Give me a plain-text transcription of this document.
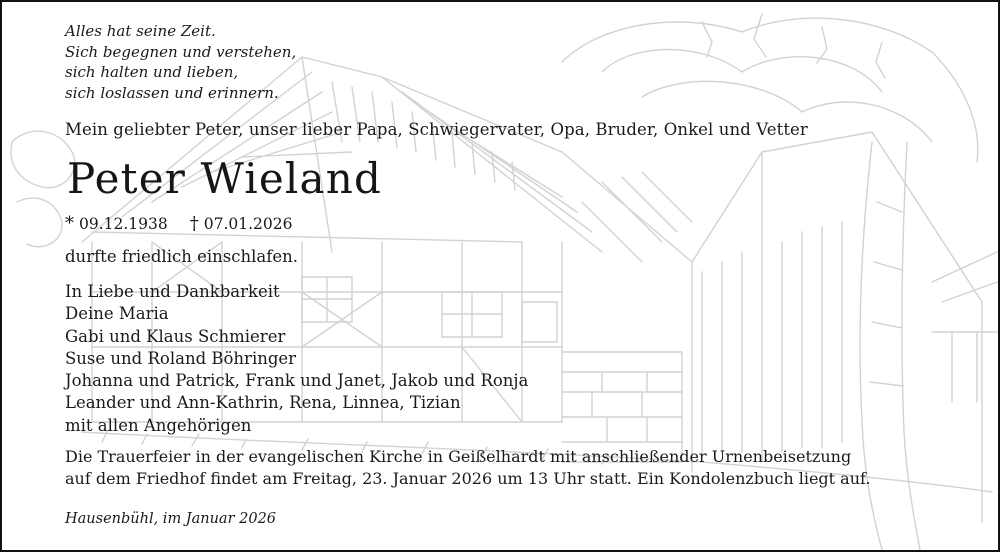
Alles hat seine Zeit.
Sich begegnen und verstehen,
sich halten und lieben,
sich loslassen und erinnern.
Mein geliebter Peter, unser lieber Papa, Schwiegervater, Opa, Bruder, Onkel und Vetter
Peter Wieland
* 09.12.1938 † 07.01.2026
durfte friedlich einschlafen.
In Liebe und Dankbarkeit
Deine Maria
Gabi und Klaus Schmierer
Suse und Roland Böhringer
Johanna und Patrick, Frank und Janet, Jakob und Ronja
Leander und Ann-Kathrin, Rena, Linnea, Tizian
mit allen Angehörigen
Die Trauerfeier in der evangelischen Kirche in Geißelhardt mit anschließender Urnenbeisetzung
auf dem Friedhof findet am Freitag, 23. Januar 2026 um 13 Uhr statt. Ein Kondolenzbuch liegt auf.
Hausenbühl, im Januar 2026
